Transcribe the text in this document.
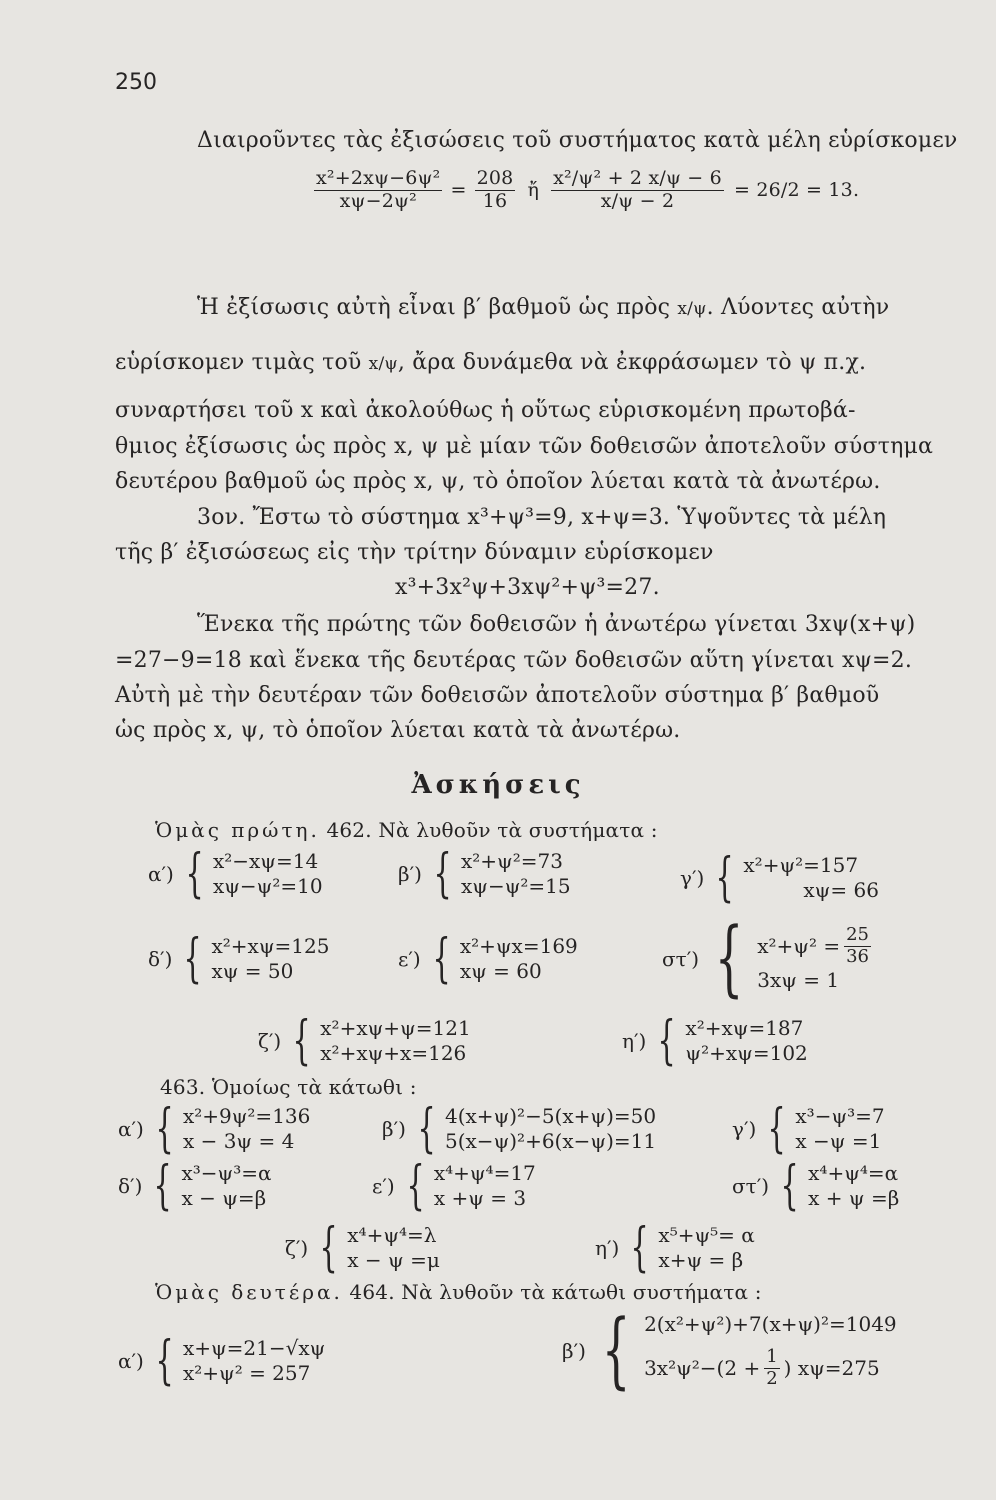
250
Διαιροῦντες τὰς ἐξισώσεις τοῦ συστήματος κατὰ μέλη εὑρίσκομεν
$\frac{\text{x²+2xψ−6ψ²}}{\text{xψ−2ψ²}} = \frac{208}{16}$ ἤ $\frac{\text{x²/ψ² + 2 x/ψ − 6}}{x/\psi - 2} = 26/2 = 13$.
Ἡ ἐξίσωσις αὐτὴ εἶναι β′ βαθμοῦ ὡς πρὸς x/ψ. Λύοντες αὐτὴν
εὑρίσκομεν τιμὰς τοῦ x/ψ, ἄρα δυνάμεθα νὰ ἐκφράσωμεν τὸ ψ π.χ.
συναρτήσει τοῦ x καὶ ἀκολούθως ἡ οὕτως εὑρισκομένη πρωτοβά-
θμιος ἐξίσωσις ὡς πρὸς x, ψ μὲ μίαν τῶν δοθεισῶν ἀποτελοῦν σύστημα
δευτέρου βαθμοῦ ὡς πρὸς x, ψ, τὸ ὁποῖον λύεται κατὰ τὰ ἀνωτέρω.
3ον. Ἔστω τὸ σύστημα x³+ψ³=9, x+ψ=3. Ὑψοῦντες τὰ μέλη
τῆς β′ ἐξισώσεως εἰς τὴν τρίτην δύναμιν εὑρίσκομεν
x³+3x²ψ+3xψ²+ψ³=27.
Ἕνεκα τῆς πρώτης τῶν δοθεισῶν ἡ ἀνωτέρω γίνεται 3xψ(x+ψ)
=27−9=18 καὶ ἕνεκα τῆς δευτέρας τῶν δοθεισῶν αὕτη γίνεται xψ=2.
Αὐτὴ μὲ τὴν δευτέραν τῶν δοθεισῶν ἀποτελοῦν σύστημα β′ βαθμοῦ
ὡς πρὸς x, ψ, τὸ ὁποῖον λύεται κατὰ τὰ ἀνωτέρω.
Ἀσκήσεις
Ὁμὰς πρώτη. 462. Νὰ λυθοῦν τὰ συστήματα :
α′) { x²−xψ=14
xψ−ψ²=10	β′) { x²+ψ²=73
xψ−ψ²=15	γ′) { x²+ψ²=157
xψ= 66
δ′) { x²+xψ=125
xψ = 50	ε′) { x²+ψx=169
xψ = 60	στ′) { $x^2+\psi^2 = \frac{25}{36}$
3xψ = 1
ζ′) { x²+xψ+ψ=121
x²+xψ+x=126	η′) { x²+xψ=187
ψ²+xψ=102
463. Ὁμοίως τὰ κάτωθι :
α′) { x²+9ψ²=136
x − 3ψ = 4	β′) { 4(x+ψ)²−5(x+ψ)=50
5(x−ψ)²+6(x−ψ)=11	γ′) { x³−ψ³=7
x −ψ =1
δ′) { x³−ψ³=α
x − ψ=β	ε′) { x⁴+ψ⁴=17
x +ψ = 3	στ′) { x⁴+ψ⁴=α
x + ψ =β
ζ′) { x⁴+ψ⁴=λ
x − ψ =μ	η′) { x⁵+ψ⁵= α
x+ψ = β
Ὁμὰς δευτέρα. 464. Νὰ λυθοῦν τὰ κάτωθι συστήματα :
α′) { x+ψ=21−√xψ
x²+ψ² = 257
β′) { 2(x²+ψ²)+7(x+ψ)²=1049
$3x^2\psi^2-(2 + \frac{1}{2}$ ) xψ=275
